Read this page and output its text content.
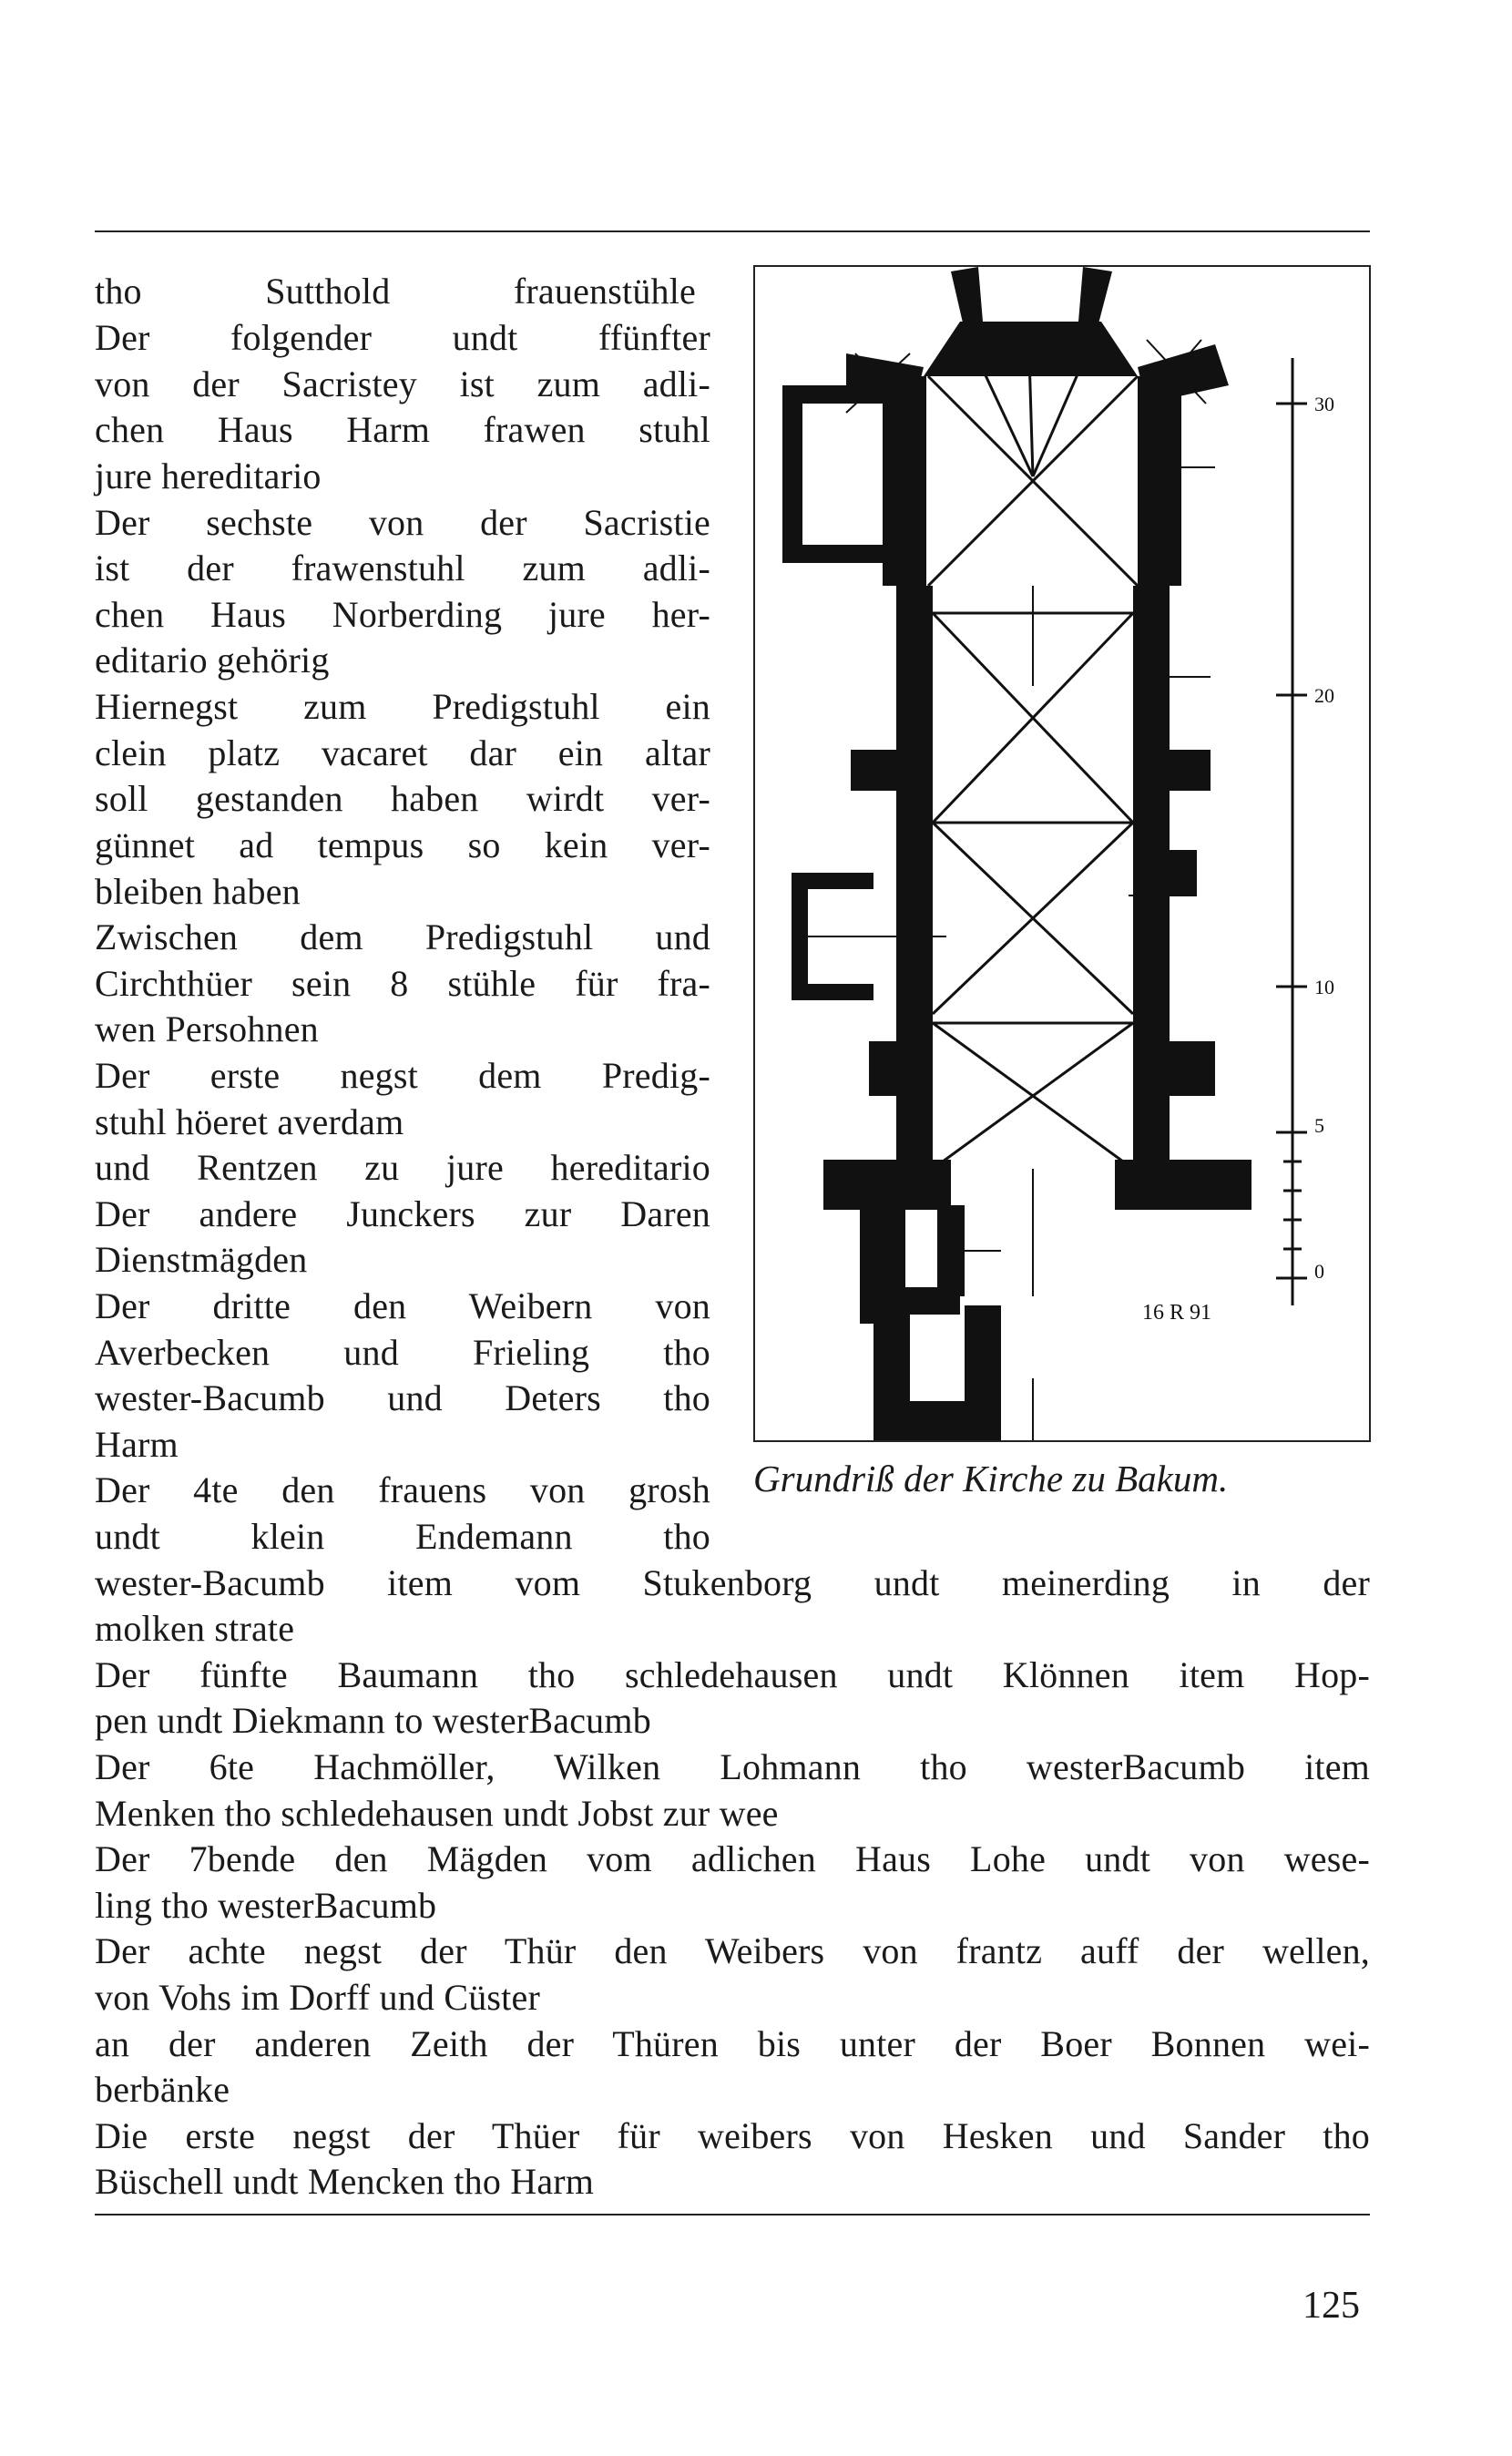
tho Sutthold frauenstühle
Der folgender undt ffünfter
von der Sacristey ist zum adli-
chen Haus Harm frawen stuhl
jure hereditario
Der sechste von der Sacristie
ist der frawenstuhl zum adli-
chen Haus Norberding jure her-
editario gehörig
Hiernegst zum Predigstuhl ein
clein platz vacaret dar ein altar
soll gestanden haben wirdt ver-
günnet ad tempus so kein ver-
bleiben haben
Zwischen dem Predigstuhl und
Circhthüer sein 8 stühle für fra-
wen Persohnen
Der erste negst dem Predig-
stuhl höeret averdam
und Rentzen zu jure hereditario
Der andere Junckers zur Daren
Dienstmägden
Der dritte den Weibern von
Averbecken und Frieling tho
wester-Bacumb und Deters tho
Harm
Der 4te den frauens von grosh
undt klein Endemann tho
wester-Bacumb item vom Stukenborg undt meinerding in der
molken strate
Der fünfte Baumann tho schledehausen undt Klönnen item Hop-
pen undt Diekmann to westerBacumb
Der 6te Hachmöller, Wilken Lohmann tho westerBacumb item
Menken tho schledehausen undt Jobst zur wee
Der 7bende den Mägden vom adlichen Haus Lohe undt von wese-
ling tho westerBacumb
Der achte negst der Thür den Weibers von frantz auff der wellen,
von Vohs im Dorff und Cüster
an der anderen Zeith der Thüren bis unter der Boer Bonnen wei-
berbänke
Die erste negst der Thüer für weibers von Hesken und Sander tho
Büschell undt Mencken tho Harm
30
20
10
5
0
16 R 91
Grundriß der Kirche zu Bakum.
125
